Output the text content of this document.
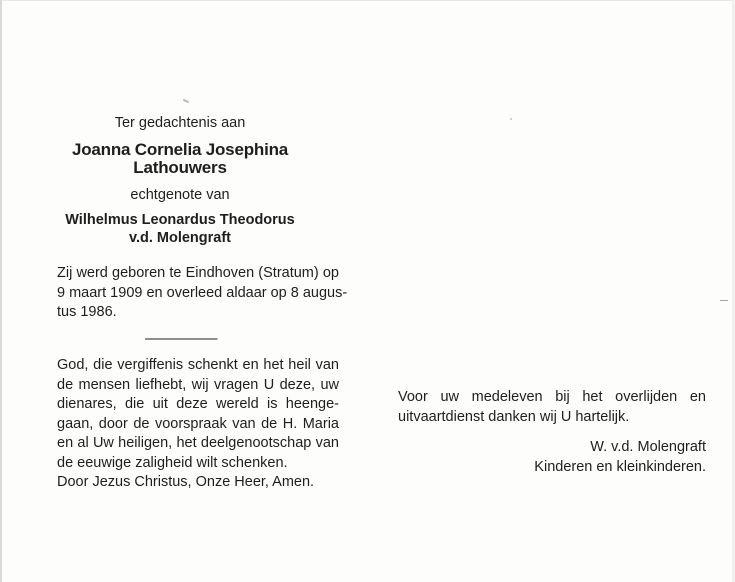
Ter gedachtenis aan
Joanna Cornelia Josephina
Lathouwers
echtgenote van
Wilhelmus Leonardus Theodorus
v.d. Molengraft
Zij werd geboren te Eindhoven (Stratum) op
9 maart 1909 en overleed aldaar op 8 augus-
tus 1986.
—————
God, die vergiffenis schenkt en het heil van
de mensen liefhebt, wij vragen U deze, uw
dienares, die uit deze wereld is heenge-
gaan, door de voorspraak van de H. Maria
en al Uw heiligen, het deelgenootschap van
de eeuwige zaligheid wilt schenken.
Door Jezus Christus, Onze Heer, Amen.
Voor uw medeleven bij het overlijden en
uitvaartdienst danken wij U hartelijk.
W. v.d. Molengraft
Kinderen en kleinkinderen.
